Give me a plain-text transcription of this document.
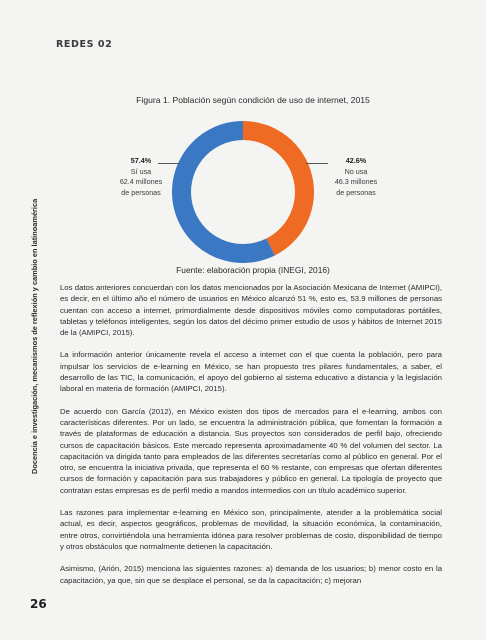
REDES 02
Docencia e investigación, mecanismos de reflexión y cambio en latinoamérica
Figura 1. Población según condición de uso de internet, 2015
57.4%
Sí usa
62.4 millones
de personas
42.6%
No usa
46.3 millones
de personas
Fuente: elaboración propia (INEGI, 2016)

Los datos anteriores concuerdan con los datos mencionados por la Asociación Mexicana de Internet (AMIPCI), es decir, en el último año el número de usuarios en México alcanzó 51 %, esto es, 53.9 millones de personas cuentan con acceso a internet, primordialmente desde dispositivos móviles como computadoras portátiles, tabletas y teléfonos inteligentes, según los datos del décimo primer estudio de usos y hábitos de Internet 2015 de la (AMIPCI, 2015).

La información anterior únicamente revela el acceso a internet con el que cuenta la población, pero para impulsar los servicios de e-learning en México, se han propuesto tres pilares fundamentales, a saber, el desarrollo de las TIC, la comunicación, el apoyo del gobierno al sistema educativo a distancia y la legislación laboral en materia de formación (AMIPCI, 2015).

De acuerdo con García (2012), en México existen dos tipos de mercados para el e-learning, ambos con características diferentes. Por un lado, se encuentra la administración pública, que fomentan la formación a través de plataformas de educación a distancia. Sus proyectos son considerados de perfil bajo, ofreciendo cursos de capacitación básicos. Este mercado representa aproximadamente 40 % del volumen del sector. La capacitación va dirigida tanto para empleados de las diferentes secretarías como al público en general. Por el otro, se encuentra la iniciativa privada, que representa el 60 % restante, con empresas que ofertan diferentes cursos de formación y capacitación para sus trabajadores y público en general. La tipología de proyecto que contratan estas empresas es de perfil medio a mandos intermedios con un título académico superior.

Las razones para implementar e-learning en México son, principalmente, atender a la problemática social actual, es decir, aspectos geográficos, problemas de movilidad, la situación económica, la contaminación, entre otros, convirtiéndola una herramienta idónea para resolver problemas de costo, disponibilidad de tiempo y otros obstáculos que normalmente detienen la capacitación.

Asimismo, (Arión, 2015) menciona las siguientes razones: a) demanda de los usuarios; b) menor costo en la capacitación, ya que, sin que se desplace el personal, se da la capacitación; c) mejoran

26
